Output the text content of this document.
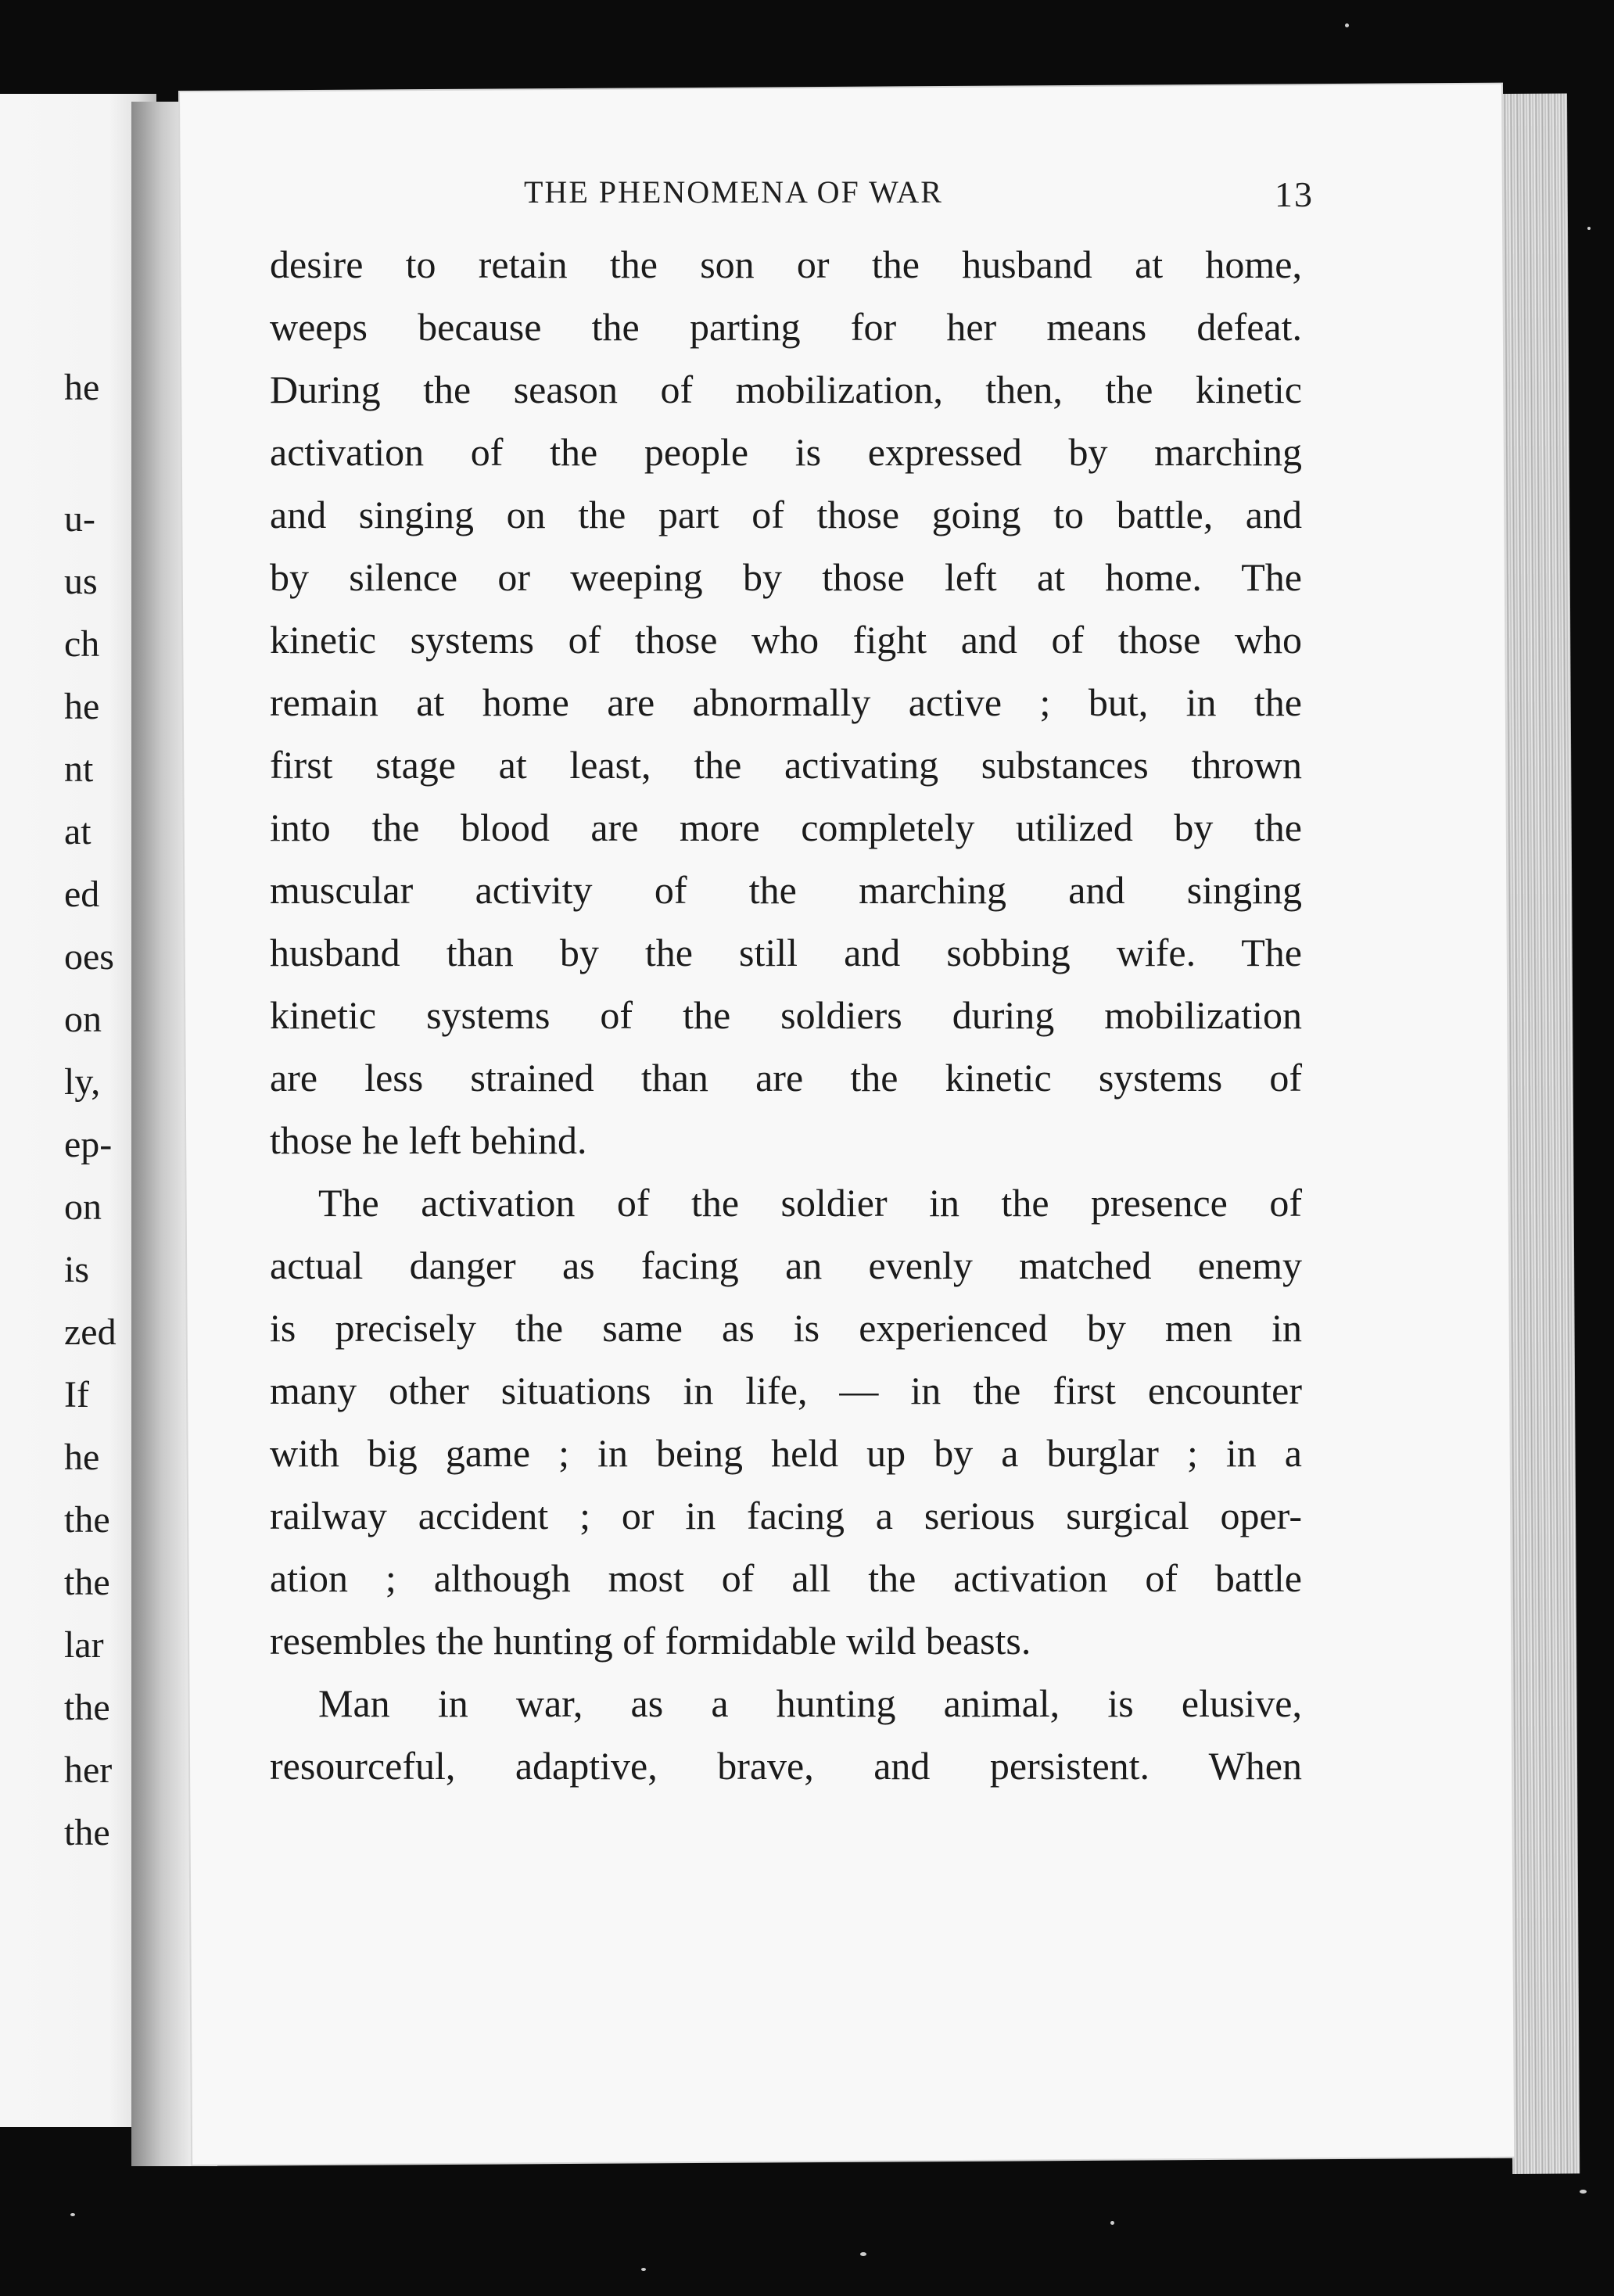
he
u-
us
ch
he
nt
at
ed
oes
on
ly,
ep-
on
is
zed
If
he
the
the
lar
the
her
the
THE PHENOMENA OF WAR	13

desire to retain the son or the husband at home,
weeps because the parting for her means defeat.
During the season of mobilization, then, the kinetic
activation of the people is expressed by marching
and singing on the part of those going to battle, and
by silence or weeping by those left at home. The
kinetic systems of those who fight and of those who
remain at home are abnormally active ; but, in the
first stage at least, the activating substances thrown
into the blood are more completely utilized by the
muscular activity of the marching and singing
husband than by the still and sobbing wife. The
kinetic systems of the soldiers during mobilization
are less strained than are the kinetic systems of
those he left behind.

The activation of the soldier in the presence of
actual danger as facing an evenly matched enemy
is precisely the same as is experienced by men in
many other situations in life, — in the first encounter
with big game ; in being held up by a burglar ; in a
railway accident ; or in facing a serious surgical oper-
ation ; although most of all the activation of battle
resembles the hunting of formidable wild beasts.

Man in war, as a hunting animal, is elusive,
resourceful, adaptive, brave, and persistent. When
